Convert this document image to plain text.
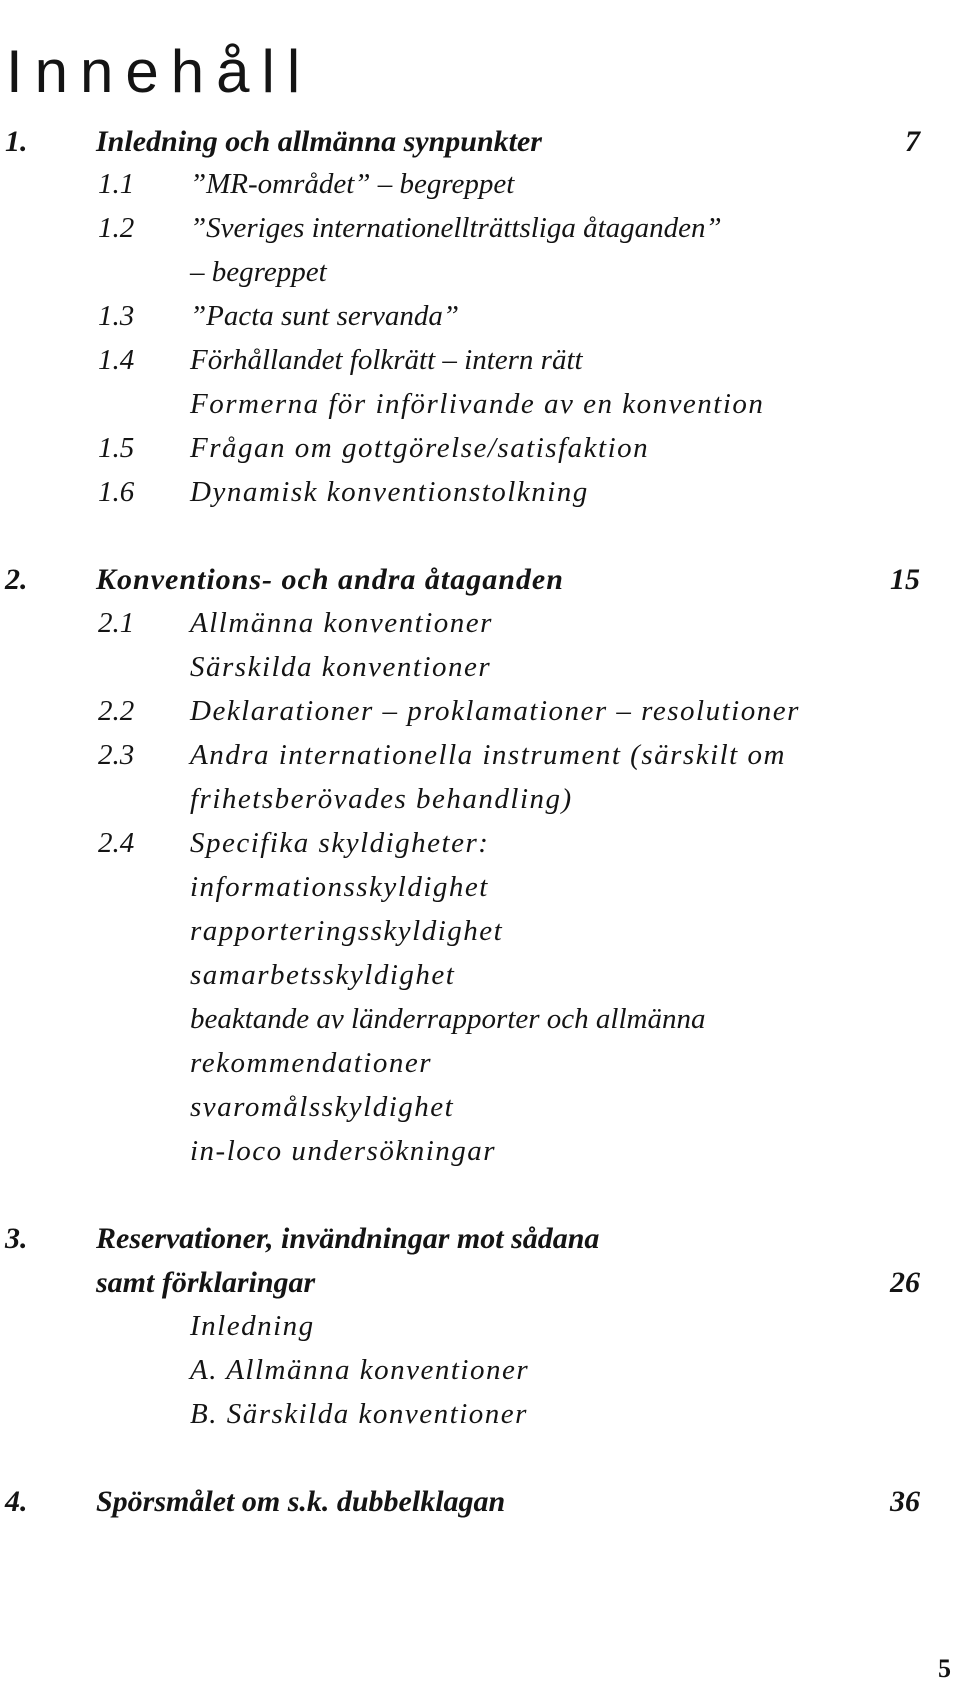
Innehåll
1. Inledning och allmänna synpunkter	7
1.1 ”MR-området” – begreppet
1.2 ”Sveriges internationellträttsliga åtaganden”
– begreppet
1.3 ”Pacta sunt servanda”
1.4 Förhållandet folkrätt – intern rätt
Formerna för införlivande av en konvention
1.5 Frågan om gottgörelse/satisfaktion
1.6 Dynamisk konventionstolkning
2. Konventions- och andra åtaganden	15
2.1 Allmänna konventioner
Särskilda konventioner
2.2 Deklarationer – proklamationer – resolutioner
2.3 Andra internationella instrument (särskilt om
frihetsberövades behandling)
2.4 Specifika skyldigheter:
informationsskyldighet
rapporteringsskyldighet
samarbetsskyldighet
beaktande av länderrapporter och allmänna
rekommendationer
svaromålsskyldighet
in-loco undersökningar
3. Reservationer, invändningar mot sådana
samt förklaringar	26
Inledning
A. Allmänna konventioner
B. Särskilda konventioner
4. Spörsmålet om s.k. dubbelklagan	36
5
